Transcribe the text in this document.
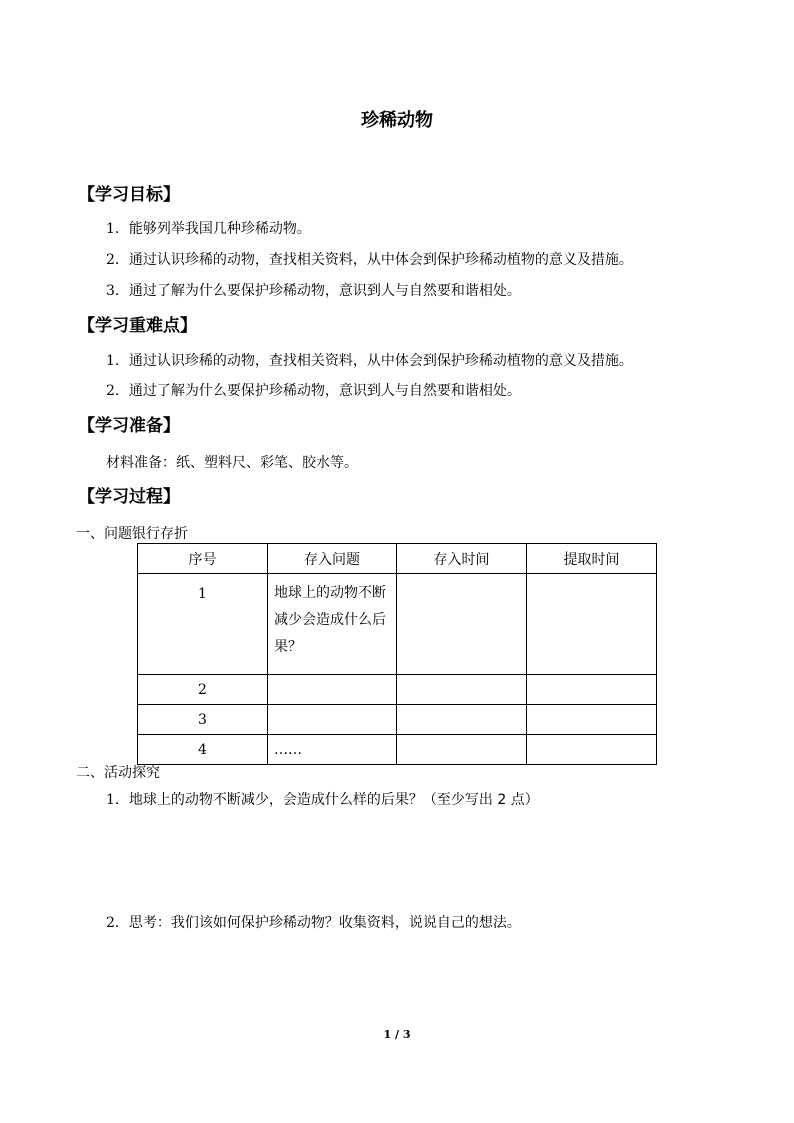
珍稀动物
【学习目标】
1．能够列举我国几种珍稀动物。
2．通过认识珍稀的动物，查找相关资料，从中体会到保护珍稀动植物的意义及措施。
3．通过了解为什么要保护珍稀动物，意识到人与自然要和谐相处。
【学习重难点】
1．通过认识珍稀的动物，查找相关资料，从中体会到保护珍稀动植物的意义及措施。
2．通过了解为什么要保护珍稀动物，意识到人与自然要和谐相处。
【学习准备】
材料准备：纸、塑料尺、彩笔、胶水等。
【学习过程】
一、问题银行存折
序号	存入问题	存入时间	提取时间
1	地球上的动物不断减少会造成什么后果？		
2			
3			
4	……		
二、活动探究
1．地球上的动物不断减少，会造成什么样的后果？（至少写出 2 点）
2．思考：我们该如何保护珍稀动物？收集资料，说说自己的想法。
1 / 3
